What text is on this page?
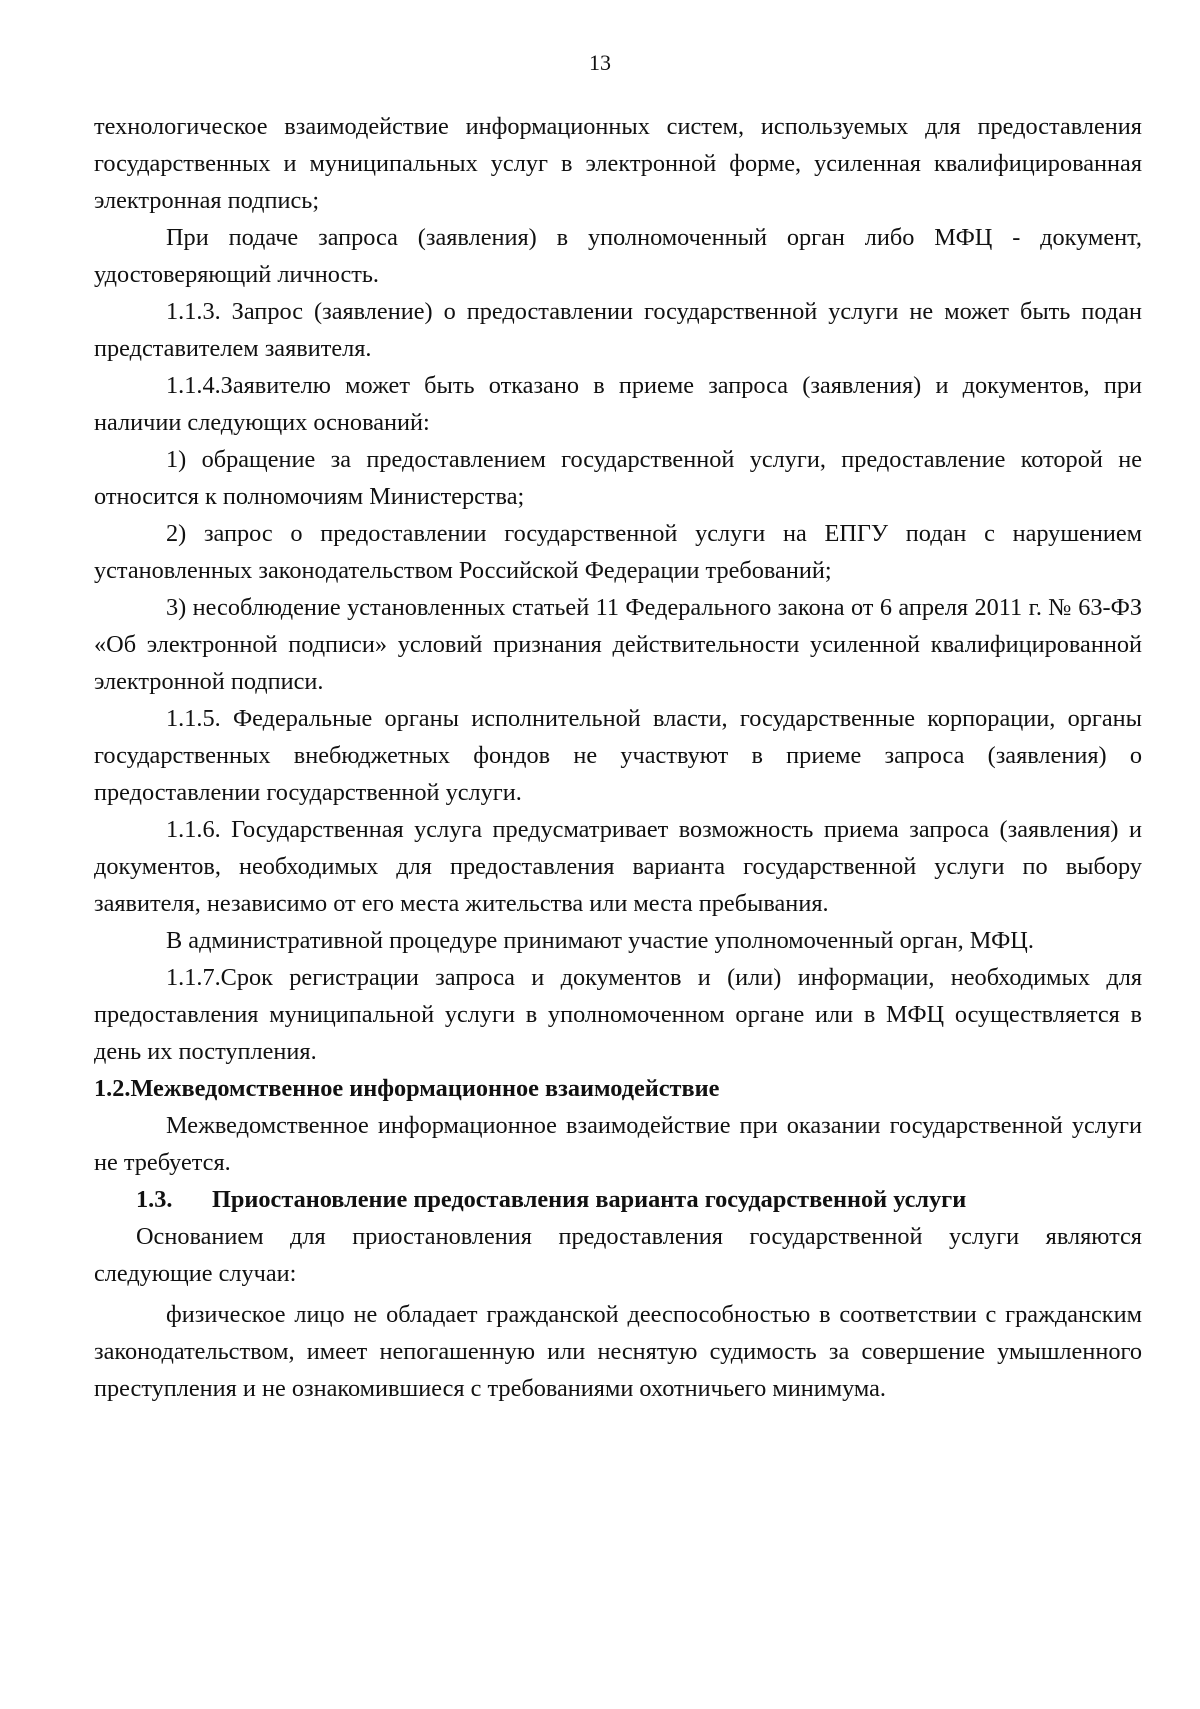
13

технологическое взаимодействие информационных систем, используемых для предоставления государственных и муниципальных услуг в электронной форме, усиленная квалифицированная электронная подпись;

При подаче запроса (заявления) в уполномоченный орган либо МФЦ - документ, удостоверяющий личность.

1.1.3. Запрос (заявление) о предоставлении государственной услуги не может быть подан представителем заявителя.

1.1.4.Заявителю может быть отказано в приеме запроса (заявления) и документов, при наличии следующих оснований:

1) обращение за предоставлением государственной услуги, предоставление которой не относится к полномочиям Министерства;

2) запрос о предоставлении государственной услуги на ЕПГУ подан с нарушением установленных законодательством Российской Федерации требований;

3) несоблюдение установленных статьей 11 Федерального закона от 6 апреля 2011 г. № 63-ФЗ «Об электронной подписи» условий признания действительности усиленной квалифицированной электронной подписи.

1.1.5. Федеральные органы исполнительной власти, государственные корпорации, органы государственных внебюджетных фондов не участвуют в приеме запроса (заявления) о предоставлении государственной услуги.

1.1.6. Государственная услуга предусматривает возможность приема запроса (заявления) и документов, необходимых для предоставления варианта государственной услуги по выбору заявителя, независимо от его места жительства или места пребывания.

В административной процедуре принимают участие уполномоченный орган, МФЦ.

1.1.7.Срок регистрации запроса и документов и (или) информации, необходимых для предоставления муниципальной услуги в уполномоченном органе или в МФЦ осуществляется в день их поступления.

1.2.Межведомственное информационное взаимодействие

Межведомственное информационное взаимодействие при оказании государственной услуги не требуется.

1.3. Приостановление предоставления варианта государственной услуги

Основанием для приостановления предоставления государственной услуги являются следующие случаи:

физическое лицо не обладает гражданской дееспособностью в соответствии с гражданским законодательством, имеет непогашенную или неснятую судимость за совершение умышленного преступления и не ознакомившиеся с требованиями охотничьего минимума.
